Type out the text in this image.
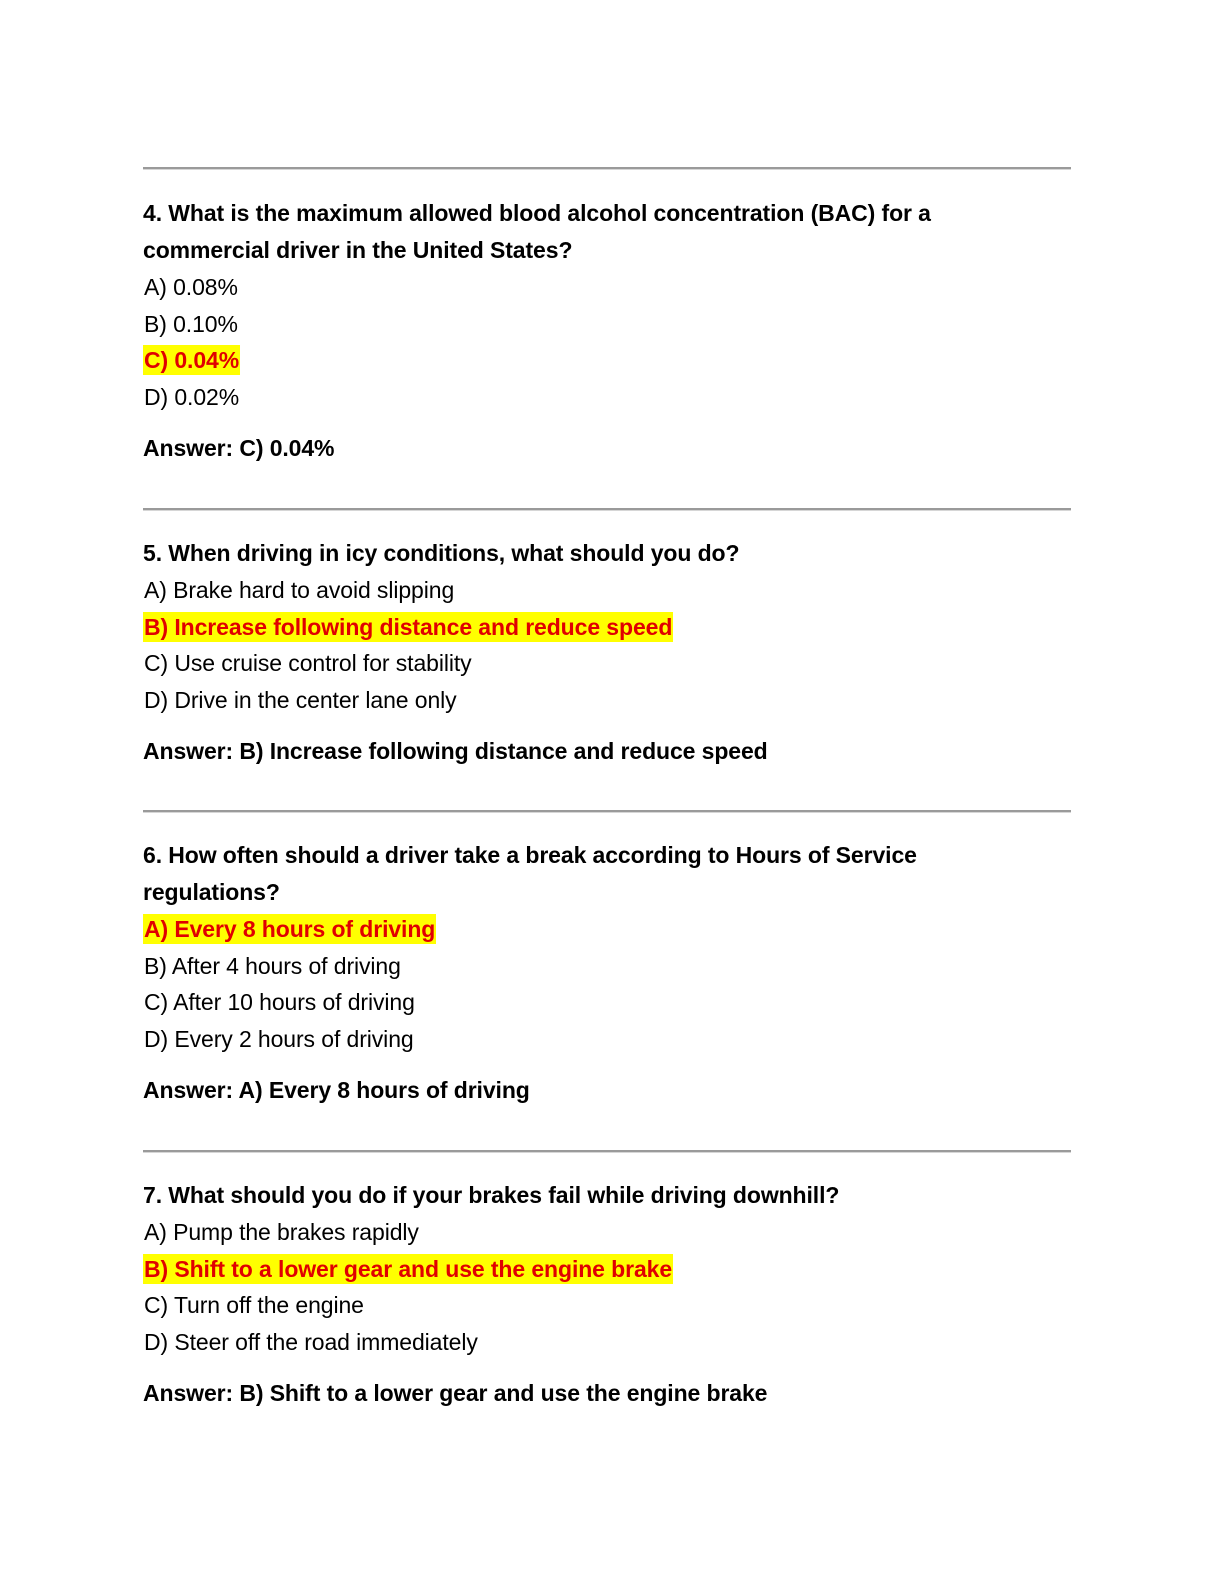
4. What is the maximum allowed blood alcohol concentration (BAC) for a
commercial driver in the United States?
A) 0.08%
B) 0.10%
C) 0.04%
D) 0.02%
Answer: C) 0.04%
5. When driving in icy conditions, what should you do?
A) Brake hard to avoid slipping
B) Increase following distance and reduce speed
C) Use cruise control for stability
D) Drive in the center lane only
Answer: B) Increase following distance and reduce speed
6. How often should a driver take a break according to Hours of Service
regulations?
A) Every 8 hours of driving
B) After 4 hours of driving
C) After 10 hours of driving
D) Every 2 hours of driving
Answer: A) Every 8 hours of driving
7. What should you do if your brakes fail while driving downhill?
A) Pump the brakes rapidly
B) Shift to a lower gear and use the engine brake
C) Turn off the engine
D) Steer off the road immediately
Answer: B) Shift to a lower gear and use the engine brake
